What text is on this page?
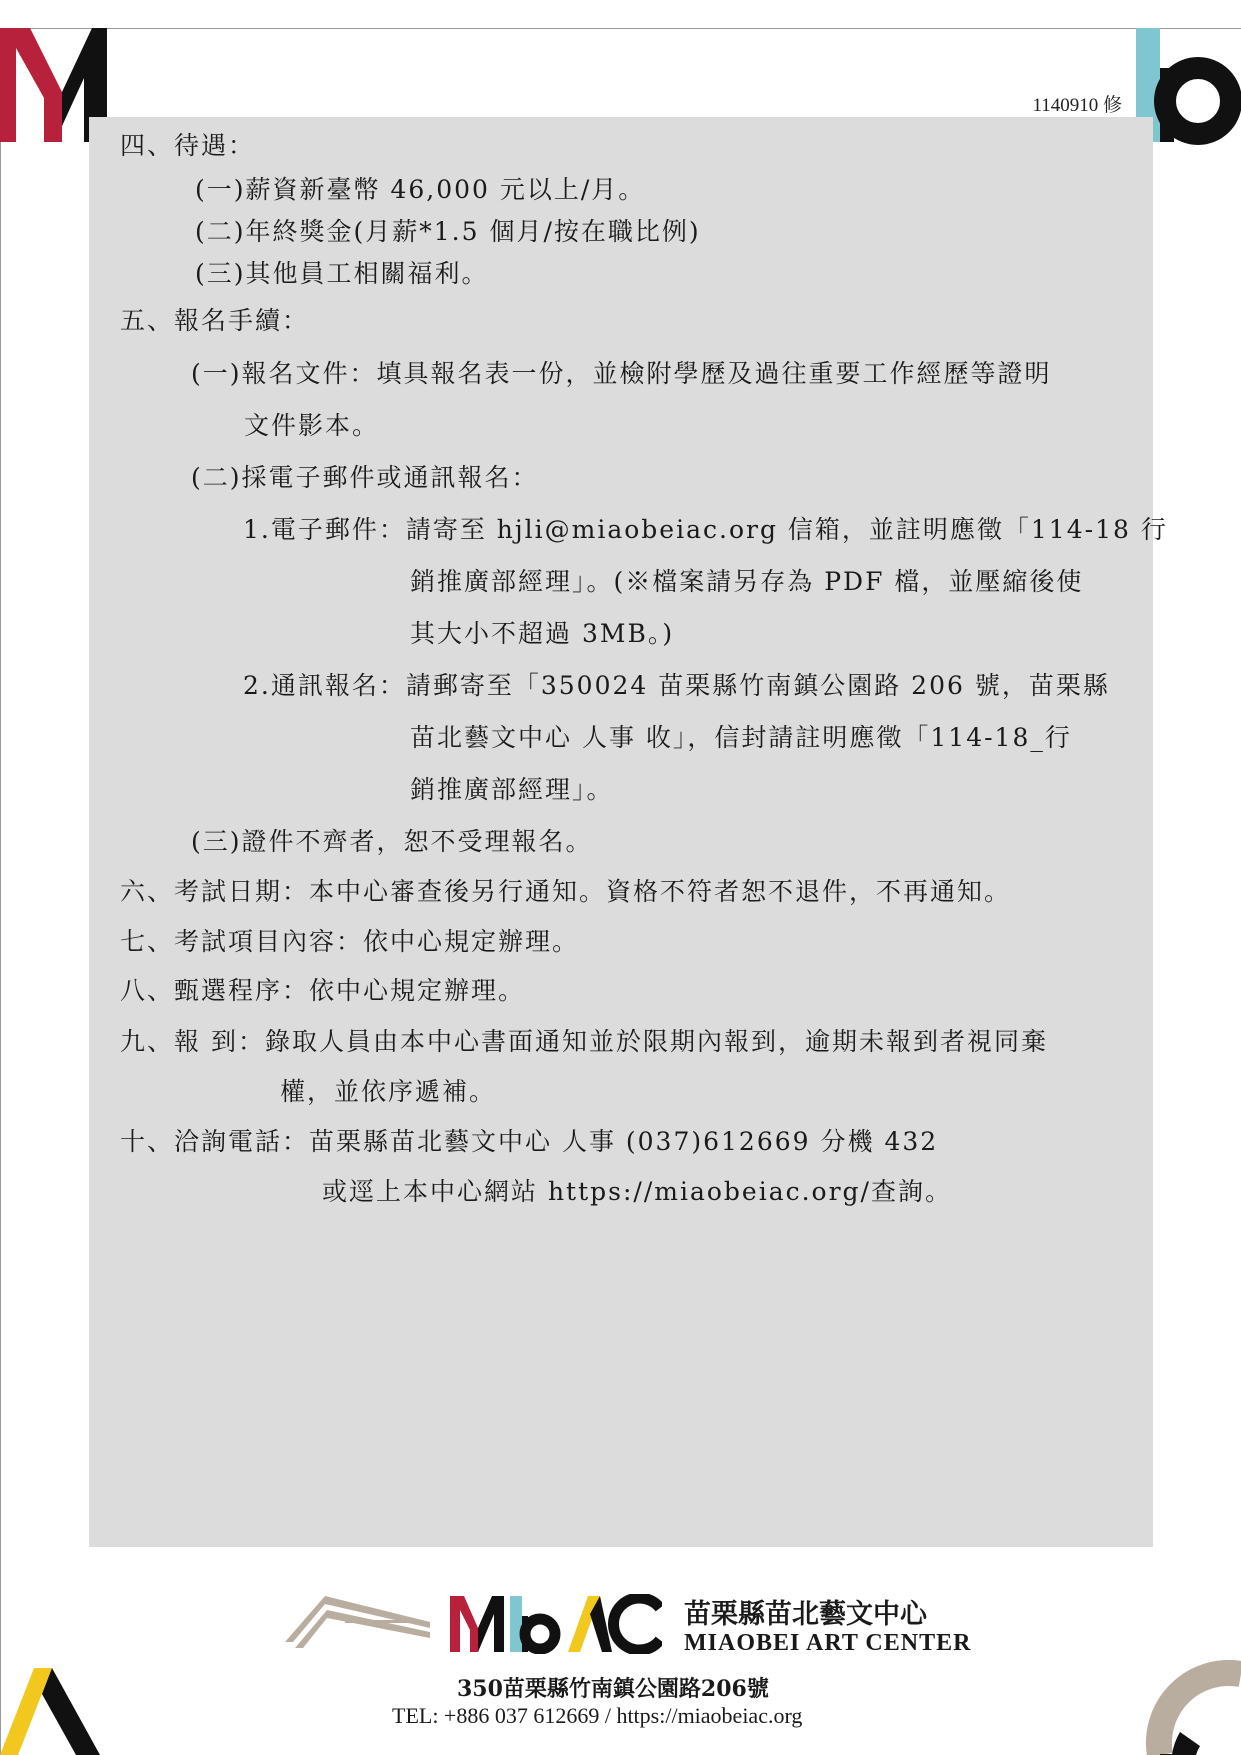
1140910 修
四、待遇：
(一)薪資新臺幣 46,000 元以上/月。
(二)年終獎金(月薪*1.5 個月/按在職比例)
(三)其他員工相關福利。
五、報名手續：
(一)報名文件：填具報名表一份，並檢附學歷及過往重要工作經歷等證明
文件影本。
(二)採電子郵件或通訊報名：
1.電子郵件：請寄至 hjli@miaobeiac.org 信箱，並註明應徵「114-18 行
銷推廣部經理」。(※檔案請另存為 PDF 檔，並壓縮後使
其大小不超過 3MB。)
2.通訊報名：請郵寄至「350024 苗栗縣竹南鎮公園路 206 號，苗栗縣
苗北藝文中心 人事 收」，信封請註明應徵「114-18_行
銷推廣部經理」。
(三)證件不齊者，恕不受理報名。
六、考試日期：本中心審查後另行通知。資格不符者恕不退件，不再通知。
七、考試項目內容：依中心規定辦理。
八、甄選程序：依中心規定辦理。
九、報 到：錄取人員由本中心書面通知並於限期內報到，逾期未報到者視同棄
權，並依序遞補。
十、洽詢電話：苗栗縣苗北藝文中心 人事 (037)612669 分機 432
或逕上本中心網站 https://miaobeiac.org/查詢。
苗栗縣苗北藝文中心
MIAOBEI ART CENTER
350苗栗縣竹南鎮公園路206號
TEL: +886 037 612669 / https://miaobeiac.org
